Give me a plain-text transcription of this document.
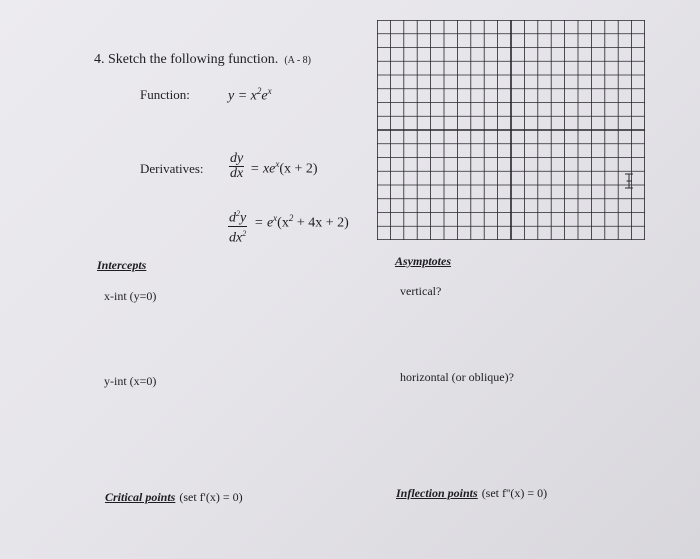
4. Sketch the following function. (A - 8)
Function:	$y = x^2e^x$
Derivatives: $\frac{dy}{dx} = xe^x(x + 2)$
$\frac{d^2y}{dx^2} = e^x(x^2 + 4x + 2)$
Intercepts
x-int (y=0)
y-int (x=0)
Asymptotes
vertical?
horizontal (or oblique)?
Critical points (set f'(x) = 0)	Inflection points (set f''(x) = 0)
